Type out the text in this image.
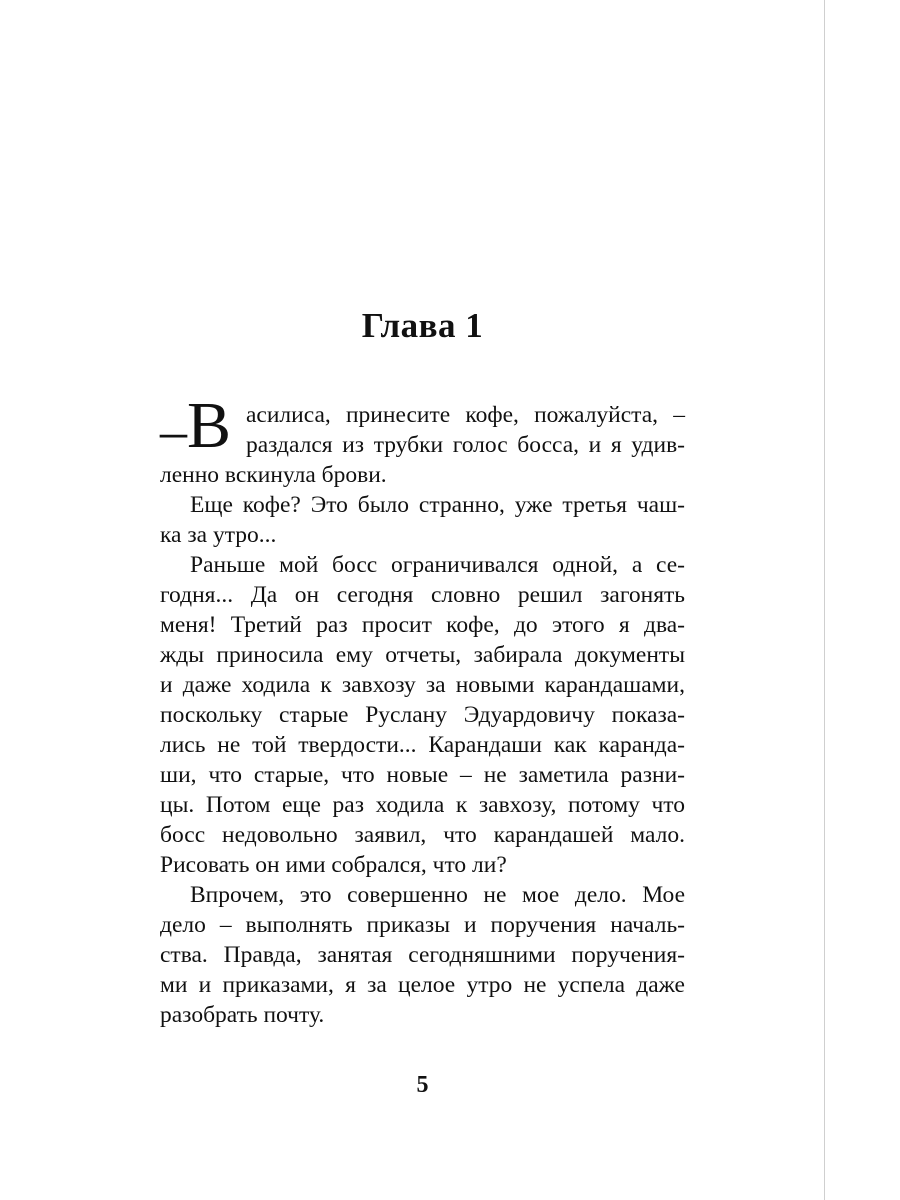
Глава 1
– В асилиса, принесите кофе, пожалуйста, –
раздался из трубки голос босса, и я удив-
ленно вскинула брови.
Еще кофе? Это было странно, уже третья чаш-
ка за утро...
Раньше мой босс ограничивался одной, а се-
годня... Да он сегодня словно решил загонять
меня! Третий раз просит кофе, до этого я два-
жды приносила ему отчеты, забирала документы
и даже ходила к завхозу за новыми карандашами,
поскольку старые Руслану Эдуардовичу показа-
лись не той твердости... Карандаши как каранда-
ши, что старые, что новые – не заметила разни-
цы. Потом еще раз ходила к завхозу, потому что
босс недовольно заявил, что карандашей мало.
Рисовать он ими собрался, что ли?
Впрочем, это совершенно не мое дело. Мое
дело – выполнять приказы и поручения началь-
ства. Правда, занятая сегодняшними поручения-
ми и приказами, я за целое утро не успела даже
разобрать почту.
5
